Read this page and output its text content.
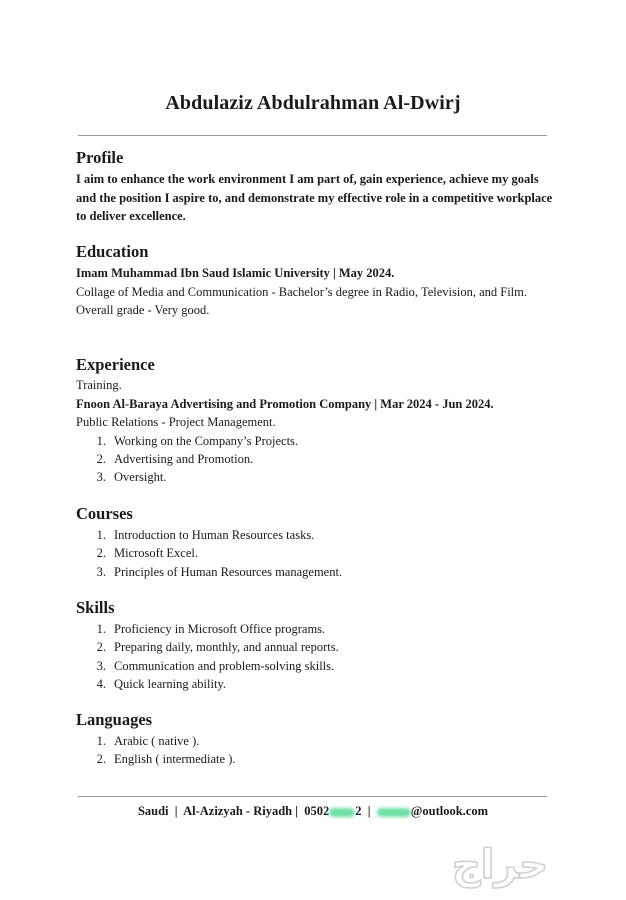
Abdulaziz Abdulrahman Al-Dwirj
Profile
I aim to enhance the work environment I am part of, gain experience, achieve my goals and the position I aspire to, and demonstrate my effective role in a competitive workplace to deliver excellence.
Education
Imam Muhammad Ibn Saud Islamic University | May 2024.
Collage of Media and Communication - Bachelor’s degree in Radio, Television, and Film.
Overall grade - Very good.
Experience
Training.
Fnoon Al-Baraya Advertising and Promotion Company | Mar 2024 - Jun 2024.
Public Relations - Project Management.
1. Working on the Company’s Projects.
2. Advertising and Promotion.
3. Oversight.
Courses
1. Introduction to Human Resources tasks.
2. Microsoft Excel.
3. Principles of Human Resources management.
Skills
1. Proficiency in Microsoft Office programs.
2. Preparing daily, monthly, and annual reports.
3. Communication and problem-solving skills.
4. Quick learning ability.
Languages
1. Arabic ( native ).
2. English ( intermediate ).
Saudi  |  Al-Azizyah - Riyadh |  0502 2  |	@outlook.com
حراج
